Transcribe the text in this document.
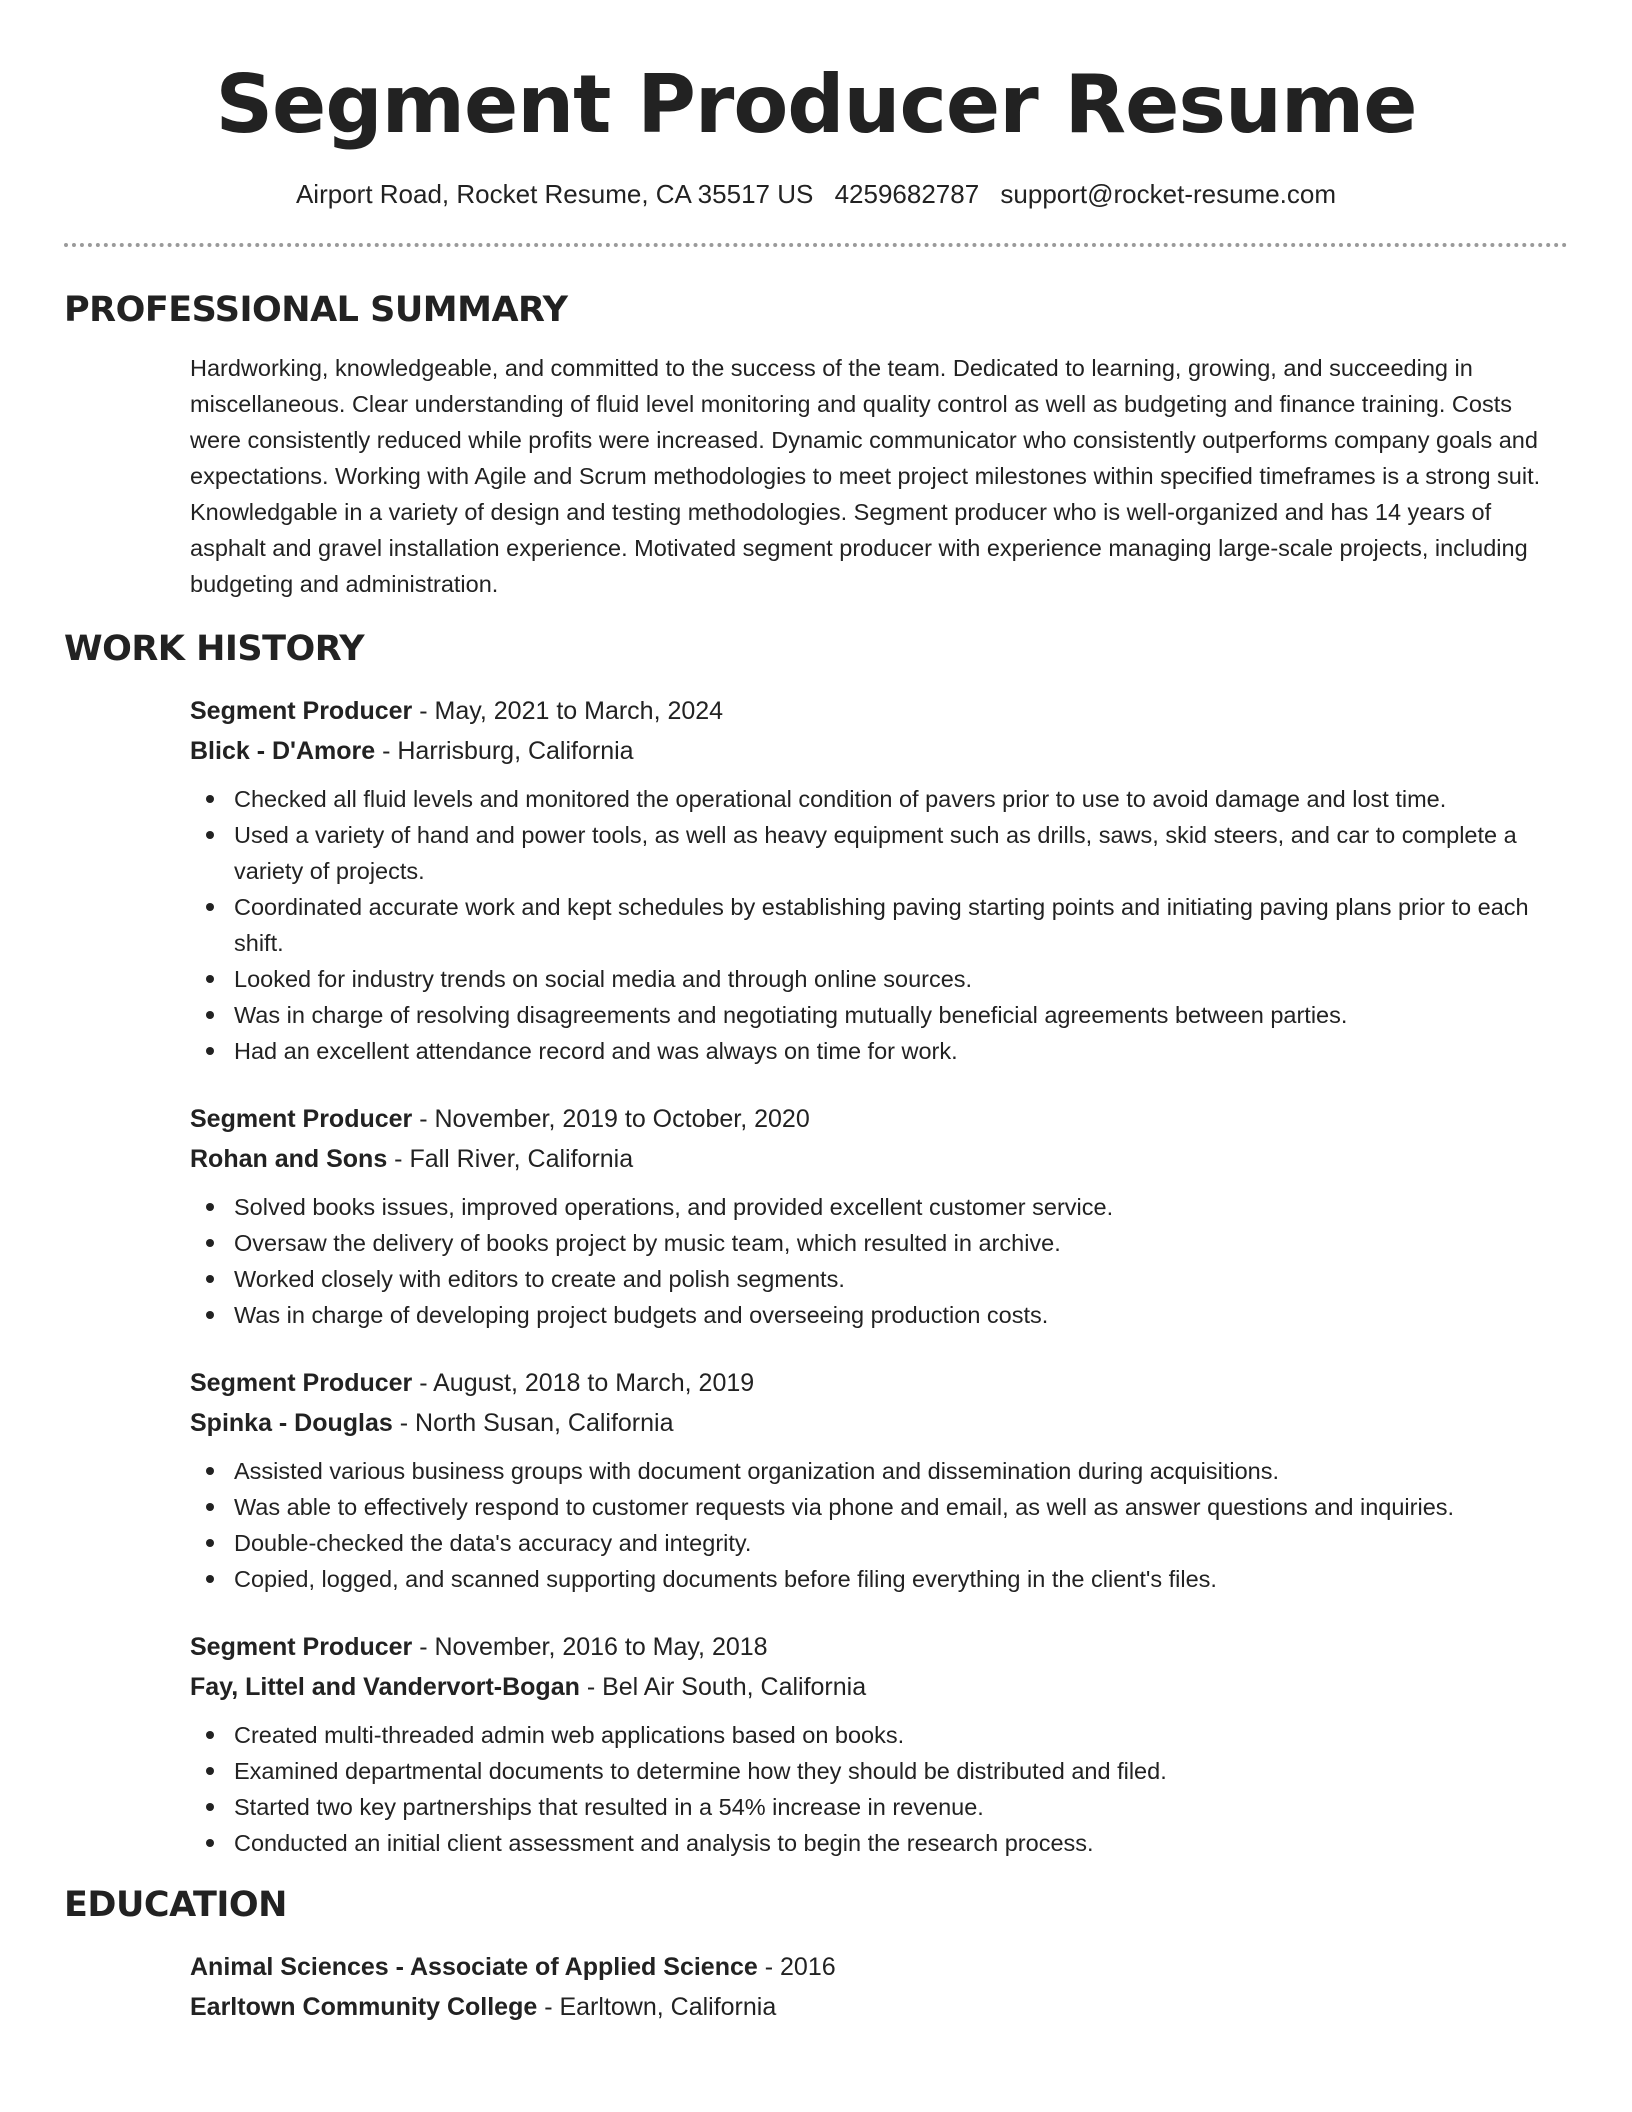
Segment Producer Resume
Airport Road, Rocket Resume, CA 35517 US 4259682787 support@rocket-resume.com
PROFESSIONAL SUMMARY

Hardworking, knowledgeable, and committed to the success of the team. Dedicated to learning, growing, and succeeding in miscellaneous. Clear understanding of fluid level monitoring and quality control as well as budgeting and finance training. Costs were consistently reduced while profits were increased. Dynamic communicator who consistently outperforms company goals and expectations. Working with Agile and Scrum methodologies to meet project milestones within specified timeframes is a strong suit. Knowledgable in a variety of design and testing methodologies. Segment producer who is well-organized and has 14 years of asphalt and gravel installation experience. Motivated segment producer with experience managing large-scale projects, including budgeting and administration.

WORK HISTORY

Segment Producer - May, 2021 to March, 2024

Blick - D'Amore - Harrisburg, California

Checked all fluid levels and monitored the operational condition of pavers prior to use to avoid damage and lost time.
Used a variety of hand and power tools, as well as heavy equipment such as drills, saws, skid steers, and car to complete a variety of projects.
Coordinated accurate work and kept schedules by establishing paving starting points and initiating paving plans prior to each shift.
Looked for industry trends on social media and through online sources.
Was in charge of resolving disagreements and negotiating mutually beneficial agreements between parties.
Had an excellent attendance record and was always on time for work.

Segment Producer - November, 2019 to October, 2020

Rohan and Sons - Fall River, California

Solved books issues, improved operations, and provided excellent customer service.
Oversaw the delivery of books project by music team, which resulted in archive.
Worked closely with editors to create and polish segments.
Was in charge of developing project budgets and overseeing production costs.

Segment Producer - August, 2018 to March, 2019

Spinka - Douglas - North Susan, California

Assisted various business groups with document organization and dissemination during acquisitions.
Was able to effectively respond to customer requests via phone and email, as well as answer questions and inquiries.
Double-checked the data's accuracy and integrity.
Copied, logged, and scanned supporting documents before filing everything in the client's files.

Segment Producer - November, 2016 to May, 2018

Fay, Littel and Vandervort-Bogan - Bel Air South, California

Created multi-threaded admin web applications based on books.
Examined departmental documents to determine how they should be distributed and filed.
Started two key partnerships that resulted in a 54% increase in revenue.
Conducted an initial client assessment and analysis to begin the research process.
EDUCATION

Animal Sciences - Associate of Applied Science - 2016

Earltown Community College - Earltown, California
